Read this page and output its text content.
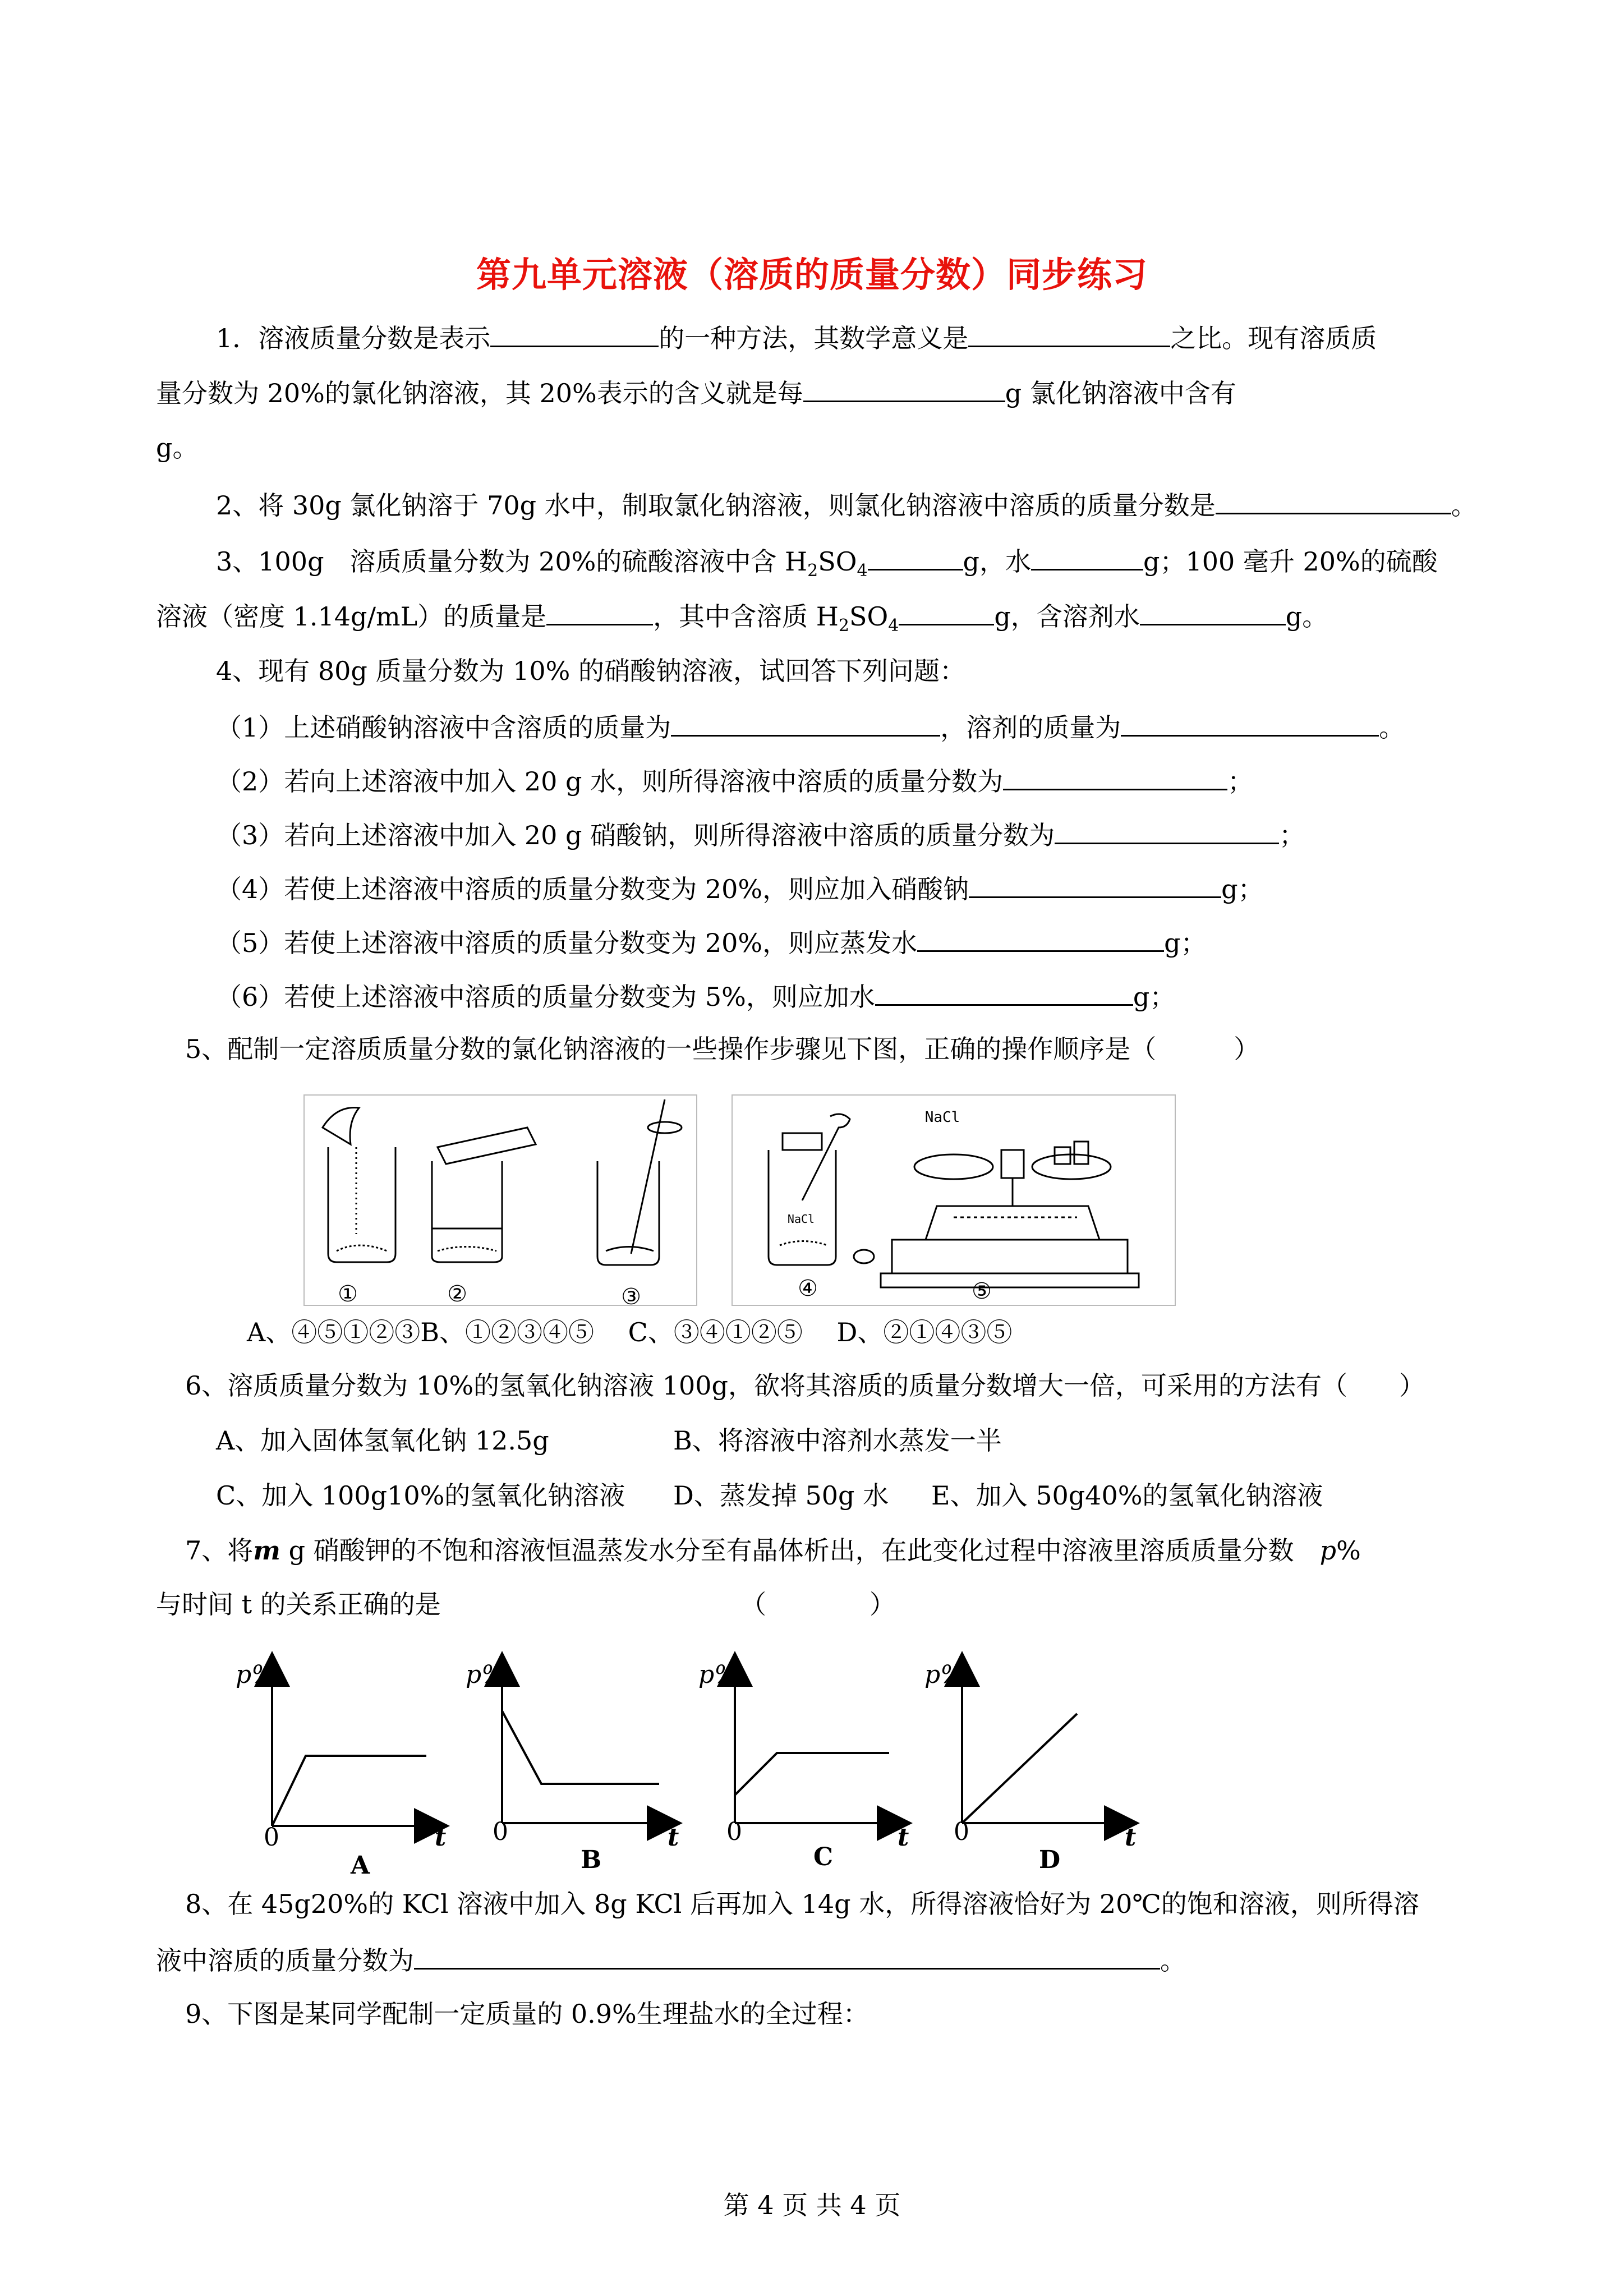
第九单元溶液（溶质的质量分数）同步练习
1．溶液质量分数是表示	的一种方法，其数学意义是	之比。现有溶质质
量分数为 20%的氯化钠溶液，其 20%表示的含义就是每	g 氯化钠溶液中含有
g。
2、将 30g 氯化钠溶于 70g 水中，制取氯化钠溶液，则氯化钠溶液中溶质的质量分数是	。
3、100g　溶质质量分数为 20%的硫酸溶液中含 $H_2SO_4$	g，水	g；100 毫升 20%的硫酸
溶液（密度 1.14g/mL）的质量是	，其中含溶质 $H_2SO_4$	g，含溶剂水	g。
4、现有 80g 质量分数为 10% 的硝酸钠溶液，试回答下列问题：
（1）上述硝酸钠溶液中含溶质的质量为	，溶剂的质量为	。
（2）若向上述溶液中加入 20 g 水，则所得溶液中溶质的质量分数为	；
（3）若向上述溶液中加入 20 g 硝酸钠，则所得溶液中溶质的质量分数为	；
（4）若使上述溶液中溶质的质量分数变为 20%，则应加入硝酸钠	g；
（5）若使上述溶液中溶质的质量分数变为 20%，则应蒸发水	g；
（6）若使上述溶液中溶质的质量分数变为 5%，则应加水	g；
5、配制一定溶质质量分数的氯化钠溶液的一些操作步骤见下图，正确的操作顺序是（　　　）
①	②	③	④	⑤
NaCl
NaCl
A、④⑤①②③B、①②③④⑤　 C、③④①②⑤　 D、②①④③⑤
6、溶质质量分数为 10%的氢氧化钠溶液 100g，欲将其溶质的质量分数增大一倍，可采用的方法有（　　）
A、加入固体氢氧化钠 12.5g	B、将溶液中溶剂水蒸发一半
C、加入 100g10%的氢氧化钠溶液 D、蒸发掉 50g 水 E、加入 50g40%的氢氧化钠溶液
7、将m g 硝酸钾的不饱和溶液恒温蒸发水分至有晶体析出，在此变化过程中溶液里溶质质量分数　p%
与时间 t 的关系正确的是	（　　　　）
p%
0	t
A
p%
0	t
B
p%
0	t
C
p%
0	t
D
8、在 45g20%的 KCl 溶液中加入 8g KCl 后再加入 14g 水，所得溶液恰好为 20℃的饱和溶液，则所得溶
液中溶质的质量分数为	。
9、下图是某同学配制一定质量的 0.9%生理盐水的全过程：
第 4 页 共 4 页
